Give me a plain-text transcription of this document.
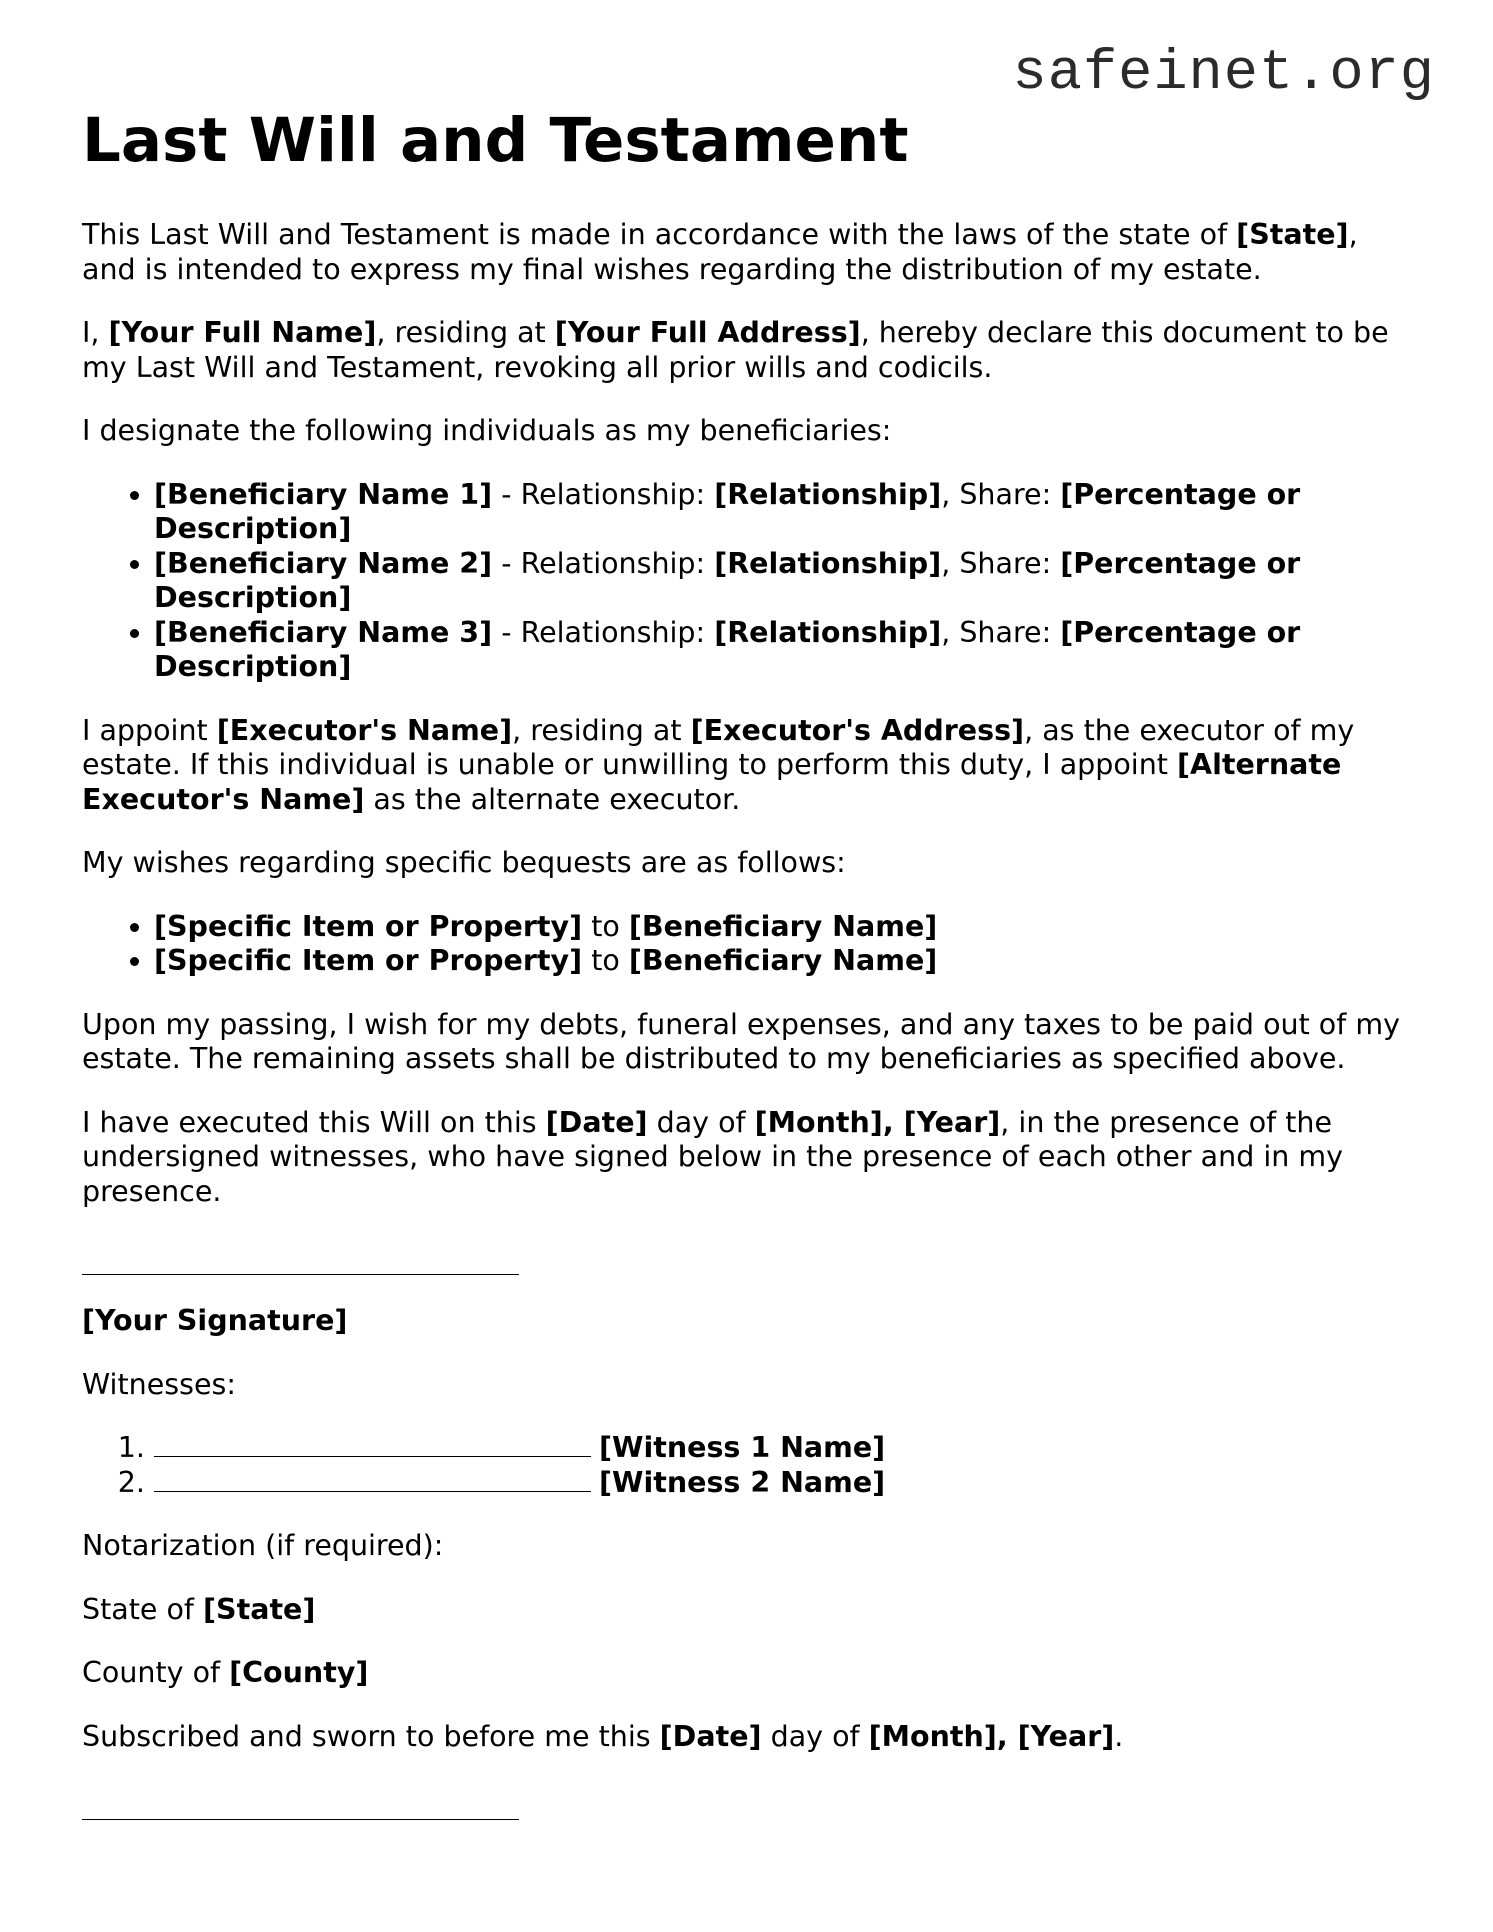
safeinet.org
Last Will and Testament

This Last Will and Testament is made in accordance with the laws of the state of [State], and is intended to express my final wishes regarding the distribution of my estate.

I, [Your Full Name], residing at [Your Full Address], hereby declare this document to be my Last Will and Testament, revoking all prior wills and codicils.

I designate the following individuals as my beneficiaries:

• [Beneficiary Name 1] - Relationship: [Relationship], Share: [Percentage or Description]
• [Beneficiary Name 2] - Relationship: [Relationship], Share: [Percentage or Description]
• [Beneficiary Name 3] - Relationship: [Relationship], Share: [Percentage or Description]

I appoint [Executor's Name], residing at [Executor's Address], as the executor of my estate. If this individual is unable or unwilling to perform this duty, I appoint [Alternate Executor's Name] as the alternate executor.

My wishes regarding specific bequests are as follows:

• [Specific Item or Property] to [Beneficiary Name]
• [Specific Item or Property] to [Beneficiary Name]

Upon my passing, I wish for my debts, funeral expenses, and any taxes to be paid out of my estate. The remaining assets shall be distributed to my beneficiaries as specified above.

I have executed this Will on this [Date] day of [Month], [Year], in the presence of the undersigned witnesses, who have signed below in the presence of each other and in my presence.

[Your Signature]

Witnesses:

1. [Witness 1 Name]
2. [Witness 2 Name]

Notarization (if required):

State of [State]

County of [County]

Subscribed and sworn to before me this [Date] day of [Month], [Year].
